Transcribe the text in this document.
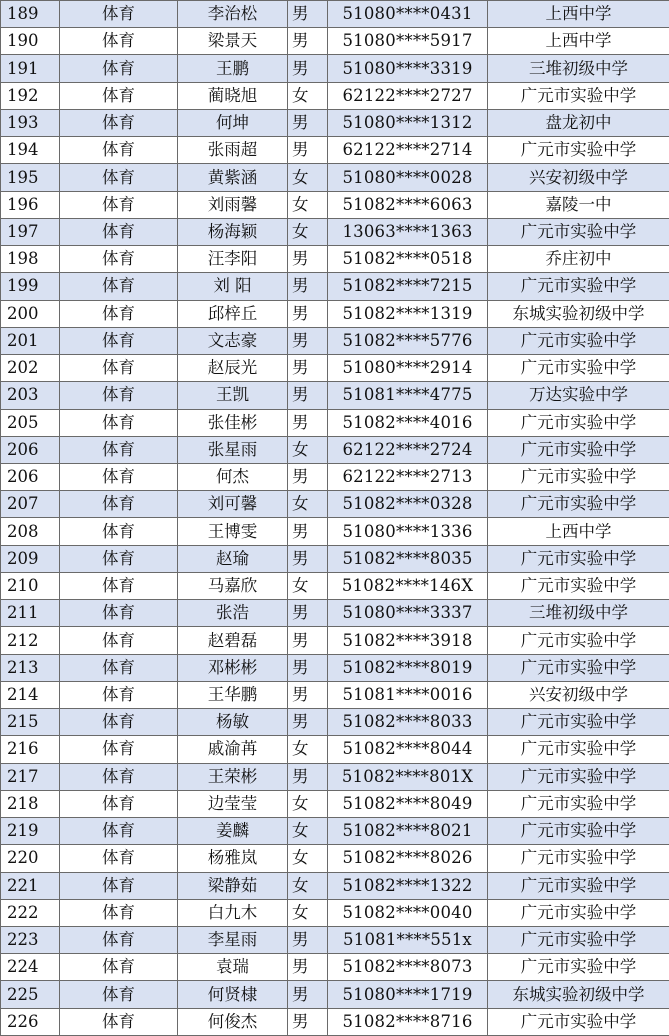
189	体育	李治松	男	51080****0431	上西中学
190	体育	梁景天	男	51080****5917	上西中学
191	体育	王鹏	男	51080****3319	三堆初级中学
192	体育	蔺晓旭	女	62122****2727	广元市实验中学
193	体育	何坤	男	51080****1312	盘龙初中
194	体育	张雨超	男	62122****2714	广元市实验中学
195	体育	黄紫涵	女	51080****0028	兴安初级中学
196	体育	刘雨馨	女	51082****6063	嘉陵一中
197	体育	杨海颖	女	13063****1363	广元市实验中学
198	体育	汪李阳	男	51082****0518	乔庄初中
199	体育	刘 阳	男	51082****7215	广元市实验中学
200	体育	邱梓丘	男	51082****1319	东城实验初级中学
201	体育	文志豪	男	51082****5776	广元市实验中学
202	体育	赵辰光	男	51080****2914	广元市实验中学
203	体育	王凯	男	51081****4775	万达实验中学
205	体育	张佳彬	男	51082****4016	广元市实验中学
206	体育	张星雨	女	62122****2724	广元市实验中学
206	体育	何杰	男	62122****2713	广元市实验中学
207	体育	刘可馨	女	51082****0328	广元市实验中学
208	体育	王博雯	男	51080****1336	上西中学
209	体育	赵瑜	男	51082****8035	广元市实验中学
210	体育	马嘉欣	女	51082****146X	广元市实验中学
211	体育	张浩	男	51080****3337	三堆初级中学
212	体育	赵碧磊	男	51082****3918	广元市实验中学
213	体育	邓彬彬	男	51082****8019	广元市实验中学
214	体育	王华鹏	男	51081****0016	兴安初级中学
215	体育	杨敏	男	51082****8033	广元市实验中学
216	体育	戚渝苒	女	51082****8044	广元市实验中学
217	体育	王荣彬	男	51082****801X	广元市实验中学
218	体育	边莹莹	女	51082****8049	广元市实验中学
219	体育	姜麟	女	51082****8021	广元市实验中学
220	体育	杨雅岚	女	51082****8026	广元市实验中学
221	体育	梁静茹	女	51082****1322	广元市实验中学
222	体育	白九木	女	51082****0040	广元市实验中学
223	体育	李星雨	男	51081****551x	广元市实验中学
224	体育	袁瑞	男	51082****8073	广元市实验中学
225	体育	何贤棣	男	51080****1719	东城实验初级中学
226	体育	何俊杰	男	51082****8716	广元市实验中学
